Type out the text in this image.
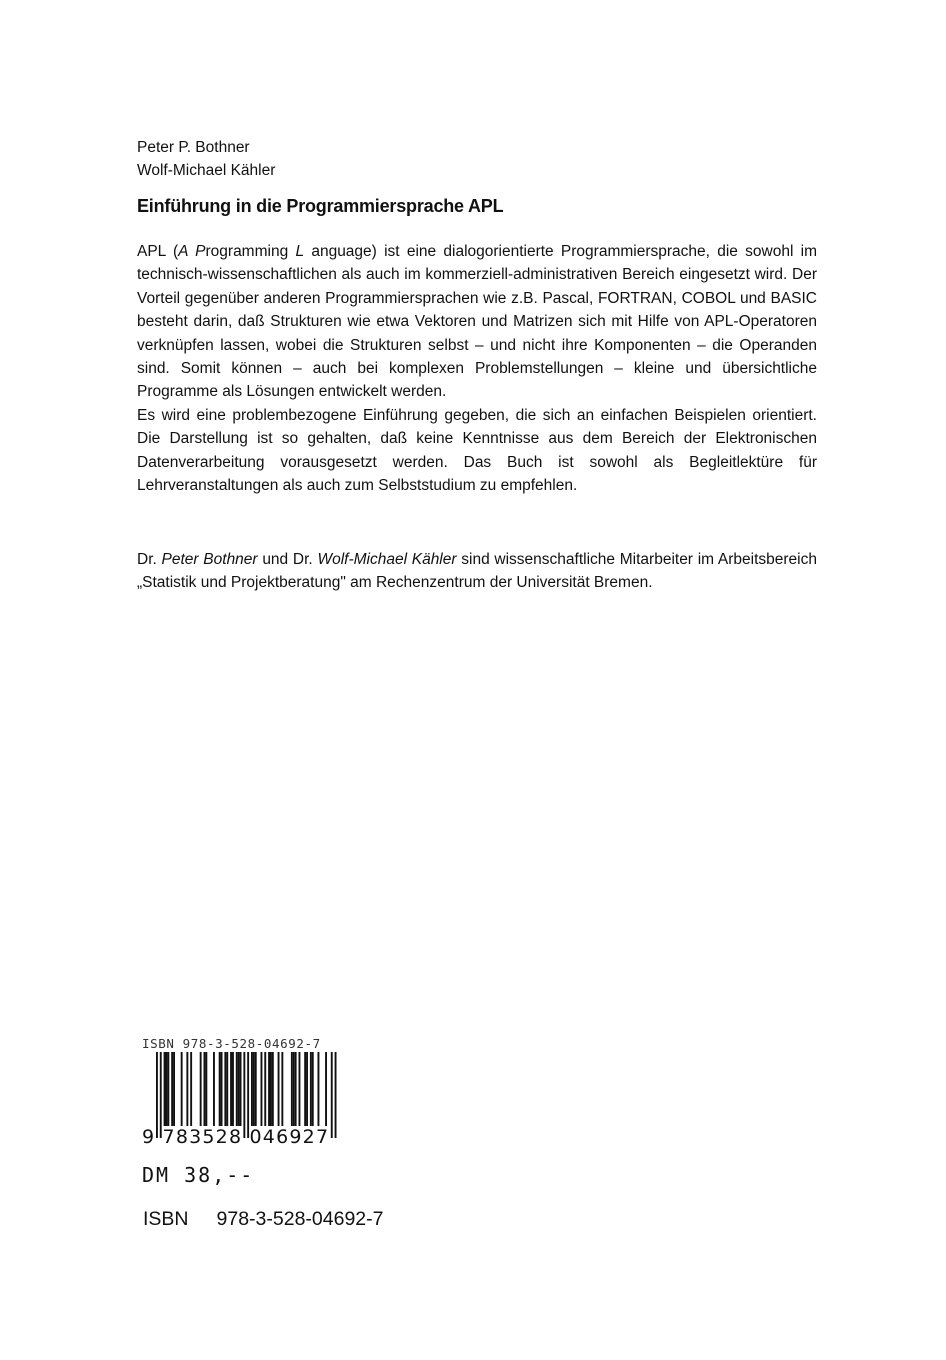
Peter P. Bothner
Wolf-Michael Kähler
Einführung in die Programmiersprache APL

APL (A Programming L anguage) ist eine dialogorientierte Programmiersprache, die sowohl im technisch-wissenschaftlichen als auch im kommerziell-administrativen Bereich eingesetzt wird. Der Vorteil gegenüber anderen Programmiersprachen wie z.B. Pascal, FORTRAN, COBOL und BASIC besteht darin, daß Strukturen wie etwa Vektoren und Matrizen sich mit Hilfe von APL-Operatoren verknüpfen lassen, wobei die Strukturen selbst – und nicht ihre Komponenten – die Operanden sind. Somit können – auch bei komplexen Problemstellungen – kleine und übersichtliche Programme als Lösungen entwickelt werden.

Es wird eine problembezogene Einführung gegeben, die sich an einfachen Beispielen orientiert. Die Darstellung ist so gehalten, daß keine Kenntnisse aus dem Bereich der Elektronischen Datenverarbeitung vorausgesetzt werden. Das Buch ist sowohl als Begleitlektüre für Lehrveranstaltungen als auch zum Selbststudium zu empfehlen.

Dr. Peter Bothner und Dr. Wolf-Michael Kähler sind wissenschaftliche Mitarbeiter im Arbeitsbereich „Statistik und Projektberatung" am Rechenzentrum der Universität Bremen.

ISBN 978-3-528-04692-7
9 783528 046927
DM 38,--
ISBN 978-3-528-04692-7
